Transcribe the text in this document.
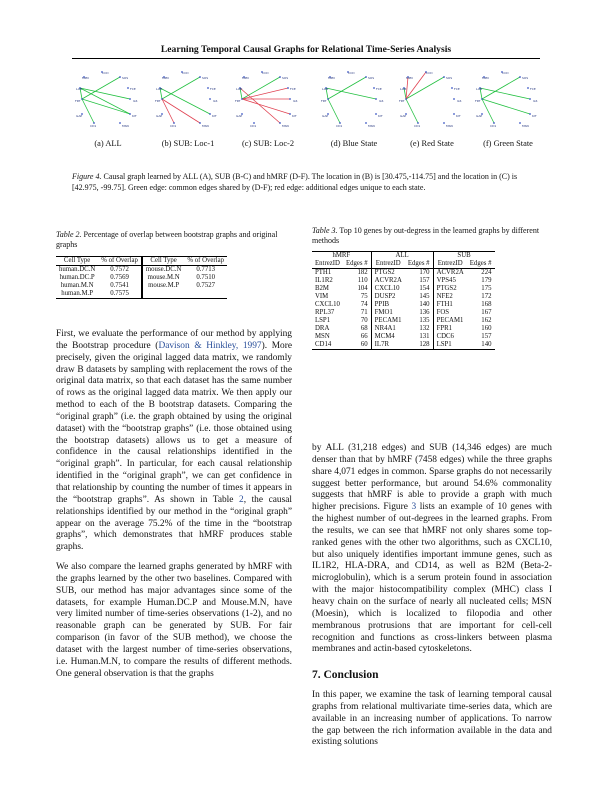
Learning Temporal Causal Graphs for Relational Time-Series Analysis
CCD
MPN	SOS
LAM	FCE
FRT	IL6
GAP	KIT
CD1	MSN
(a) ALL
CCD
MPN	SOS
LAM	FCE
FRT	IL6
GAP	KIT
CD1	MSN
(b) SUB: Loc-1
CCD
MPN	SOS
LAM	FCE
FRT	IL6
GAP	KIT
CD1	MSN
(c) SUB: Loc-2
CCD
MPN	SOS
LAM	FCE
FRT	IL6
GAP	KIT
CD1	MSN
(d) Blue State
CCD
MPN	SOS
LAM	FCE
FRT	IL6
GAP	KIT
CD1	MSN
(e) Red State
CCD
MPN	SOS
LAM	FCE
FRT	IL6
GAP	KIT
CD1	MSN
(f) Green State
Figure 4. Causal graph learned by ALL (A), SUB (B-C) and hMRF (D-F). The location in (B) is [30.475,-114.75] and the location in (C) is [42.975, -99.75]. Green edge: common edges shared by (D-F); red edge: additional edges unique to each state.
Table 2. Percentage of overlap between bootstrap graphs and original graphs
Cell Type	% of Overlap	Cell Type	% of Overlap
human.DC.N	0.7572	mouse.DC.N	0.7713
human.DC.P	0.7569	mouse.M.N	0.7510
human.M.N	0.7541	mouse.M.P	0.7527
human.M.P	0.7575		
Table 3. Top 10 genes by out-degress in the learned graphs by different methods
hMRF		ALL		SUB	
EntrezID	Edges #	EntrezID	Edges #	EntrezID	Edges #
PTH1	182	PTGS2	170	ACVR2A	224
IL1R2	110	ACVR2A	157	VPS45	179
B2M	104	CXCL10	154	PTGS2	175
VIM	75	DUSP2	145	NFE2	172
CXCL10	74	PPIB	140	FTH1	168
RPL37	71	FMO1	136	FOS	167
LSP1	70	PECAM1	135	PECAM1	162
DRA	68	NR4A1	132	FPR1	160
MSN	66	MCM4	131	CDC6	157
CD14	60	IL7R	128	LSP1	140

First, we evaluate the performance of our method by applying the Bootstrap procedure (Davison & Hinkley, 1997). More precisely, given the original lagged data matrix, we randomly draw B datasets by sampling with replacement the rows of the original data matrix, so that each dataset has the same number of rows as the original lagged data matrix. We then apply our method to each of the B bootstrap datasets. Comparing the “original graph” (i.e. the graph obtained by using the original dataset) with the “bootstrap graphs” (i.e. those obtained using the bootstrap datasets) allows us to get a measure of confidence in the causal relationships identified in the “original graph”. In particular, for each causal relationship identified in the “original graph”, we can get confidence in that relationship by counting the number of times it appears in the “bootstrap graphs”. As shown in Table 2, the causal relationships identified by our method in the “original graph” appear on the average 75.2% of the time in the “bootstrap graphs”, which demonstrates that hMRF produces stable graphs.

We also compare the learned graphs generated by hMRF with the graphs learned by the other two baselines. Compared with SUB, our method has major advantages since some of the datasets, for example Human.DC.P and Mouse.M.N, have very limited number of time-series observations (1-2), and no reasonable graph can be generated by SUB. For fair comparison (in favor of the SUB method), we choose the dataset with the largest number of time-series observations, i.e. Human.M.N, to compare the results of different methods. One general observation is that the graphs

by ALL (31,218 edges) and SUB (14,346 edges) are much denser than that by hMRF (7458 edges) while the three graphs share 4,071 edges in common. Sparse graphs do not necessarily suggest better performance, but around 54.6% commonality suggests that hMRF is able to provide a graph with much higher precisions. Figure 3 lists an example of 10 genes with the highest number of out-degrees in the learned graphs. From the results, we can see that hMRF not only shares some top-ranked genes with the other two algorithms, such as CXCL10, but also uniquely identifies important immune genes, such as IL1R2, HLA-DRA, and CD14, as well as B2M (Beta-2-microglobulin), which is a serum protein found in association with the major histocompatibility complex (MHC) class I heavy chain on the surface of nearly all nucleated cells; MSN (Moesin), which is localized to filopodia and other membranous protrusions that are important for cell-cell recognition and functions as cross-linkers between plasma membranes and actin-based cytoskeletons.

7. Conclusion

In this paper, we examine the task of learning temporal causal graphs from relational multivariate time-series data, which are available in an increasing number of applications. To narrow the gap between the rich information available in the data and existing solutions
